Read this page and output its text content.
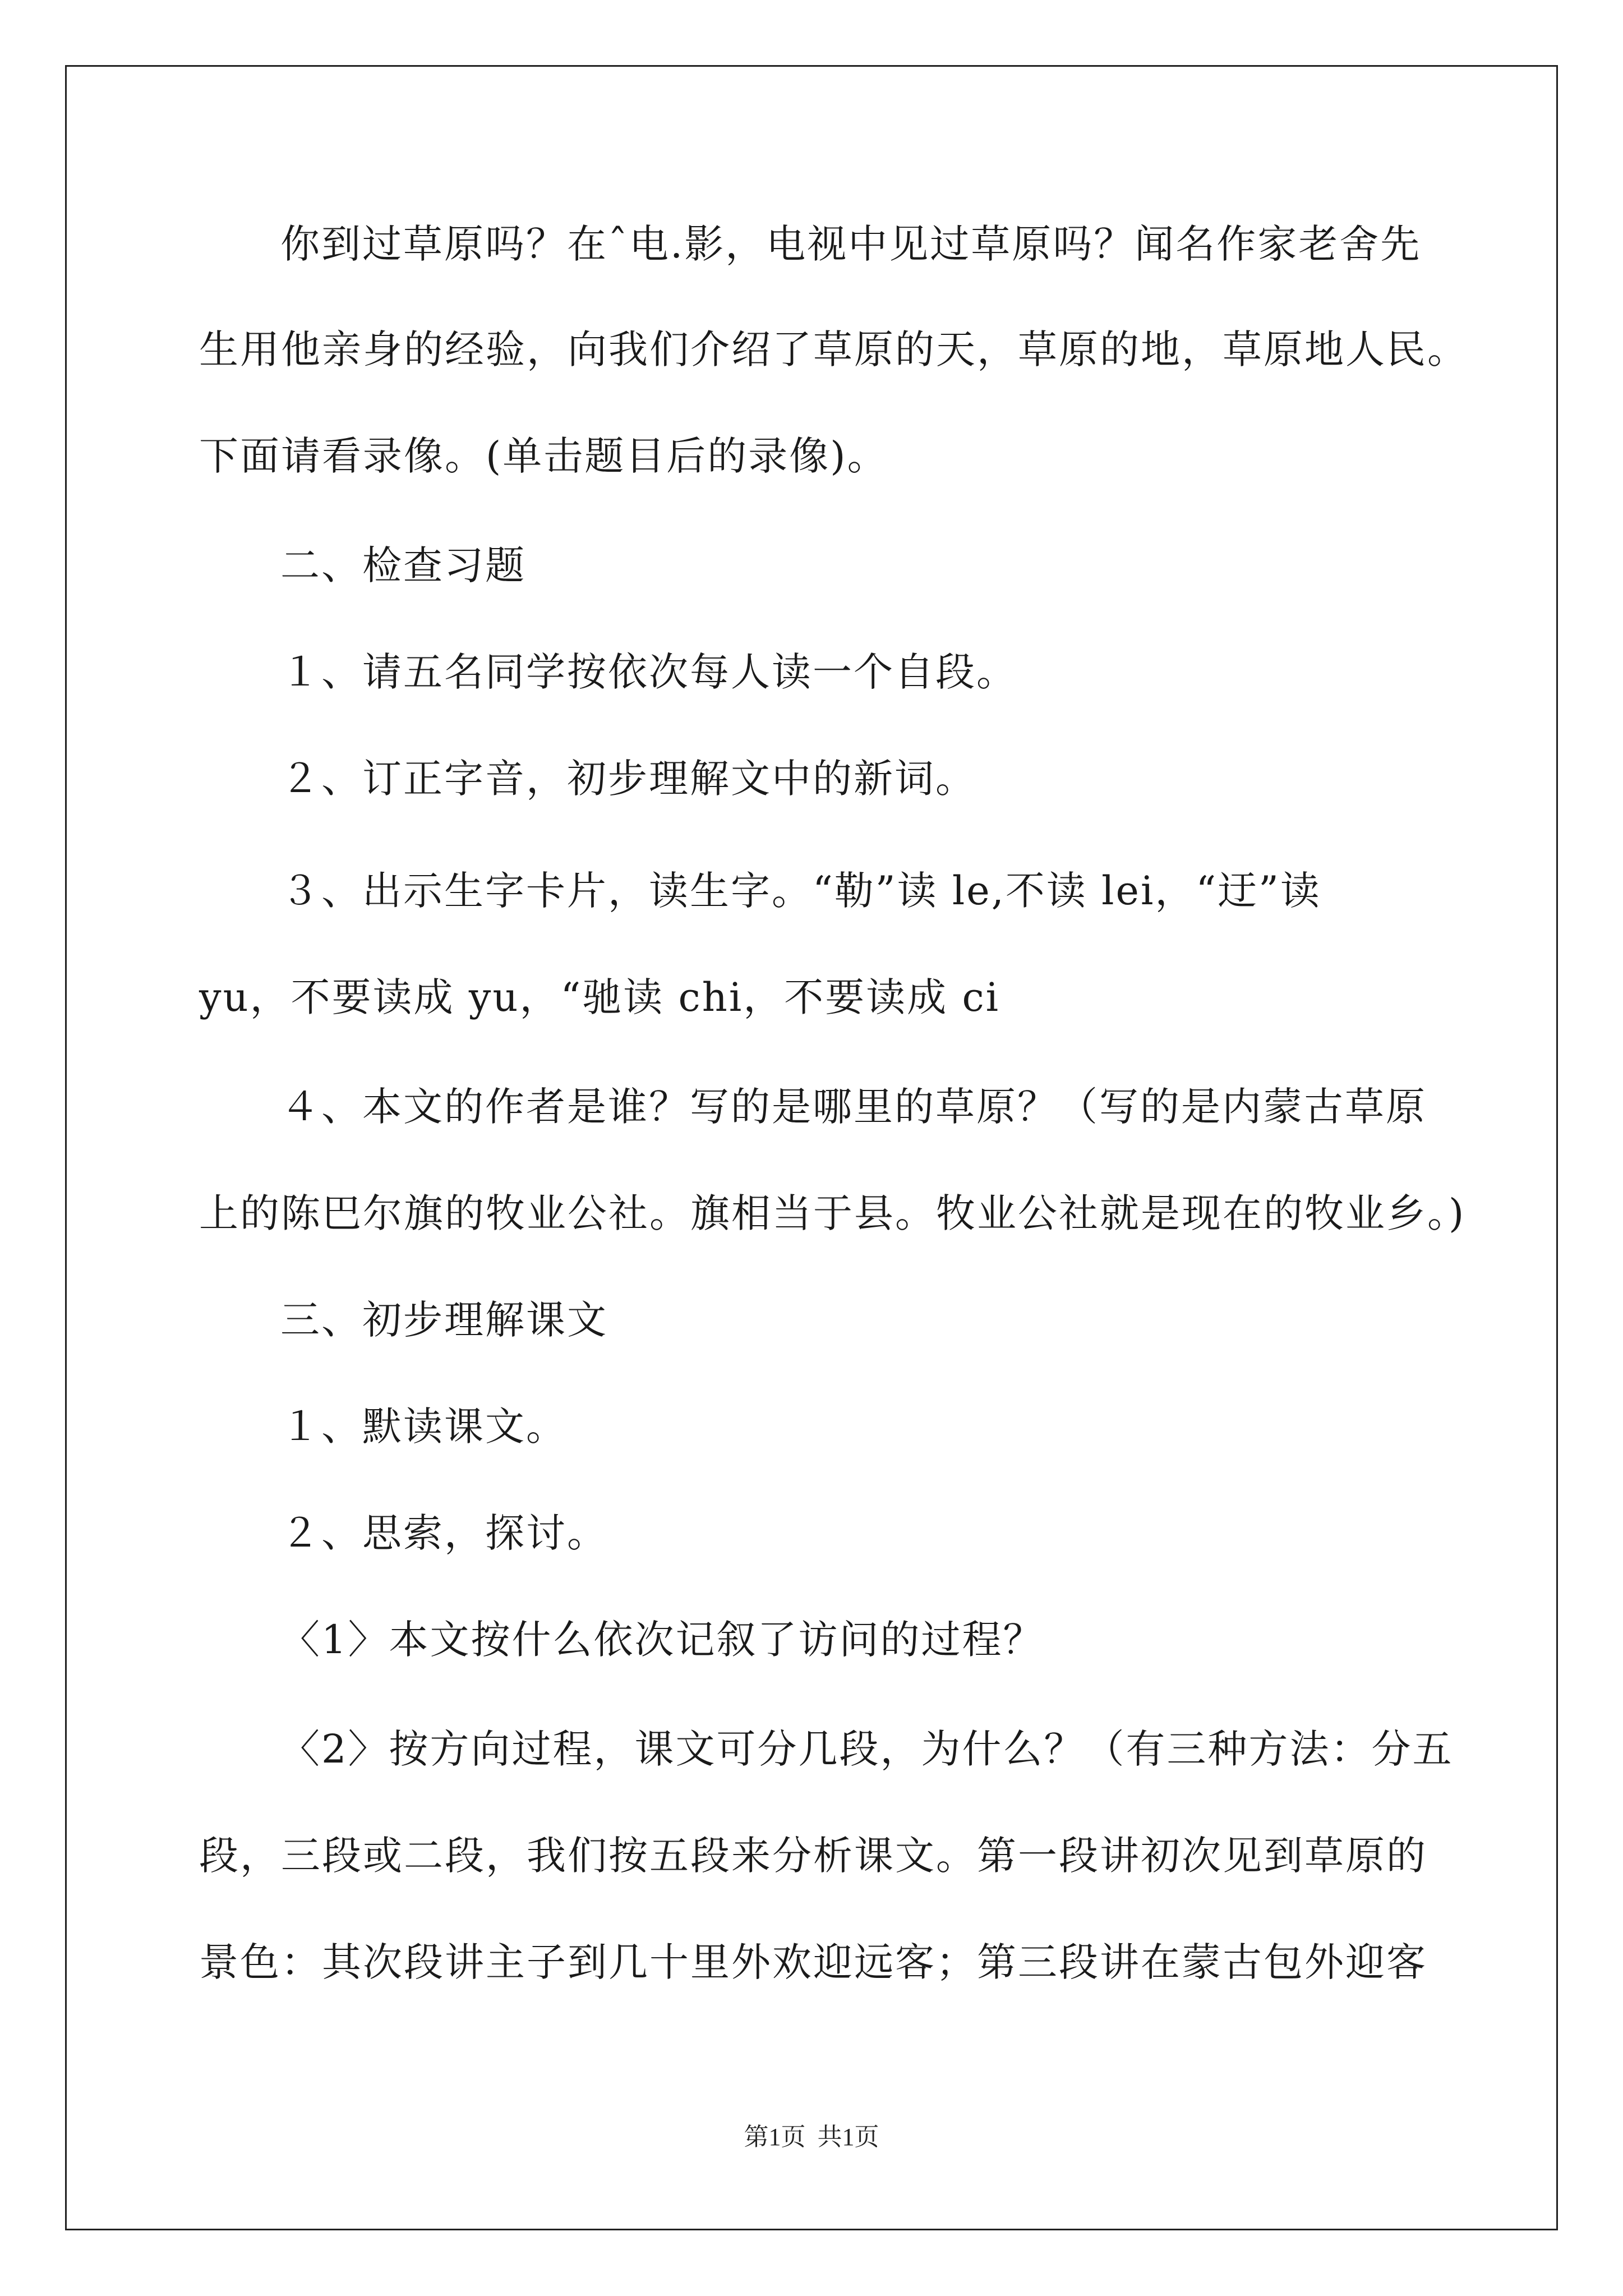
你到过草原吗？在ˆ电.影，电视中见过草原吗？闻名作家老舍先
生用他亲身的经验，向我们介绍了草原的天，草原的地，草原地人民。
下面请看录像。(单击题目后的录像)。
二、检查习题
１、请五名同学按依次每人读一个自段。
２、订正字音，初步理解文中的新词。
３、出示生字卡片，读生字。“勒”读 le,不读 lei，“迂”读
yu，不要读成 yu，“驰读 chi，不要读成 ci
４、本文的作者是谁？写的是哪里的草原？（写的是内蒙古草原
上的陈巴尔旗的牧业公社。旗相当于县。牧业公社就是现在的牧业乡。)
三、初步理解课文
１、默读课文。
２、思索，探讨。
〈1〉本文按什么依次记叙了访问的过程？
〈2〉按方向过程，课文可分几段，为什么？（有三种方法：分五
段，三段或二段，我们按五段来分析课文。第一段讲初次见到草原的
景色：其次段讲主子到几十里外欢迎远客；第三段讲在蒙古包外迎客
第1页 共1页
